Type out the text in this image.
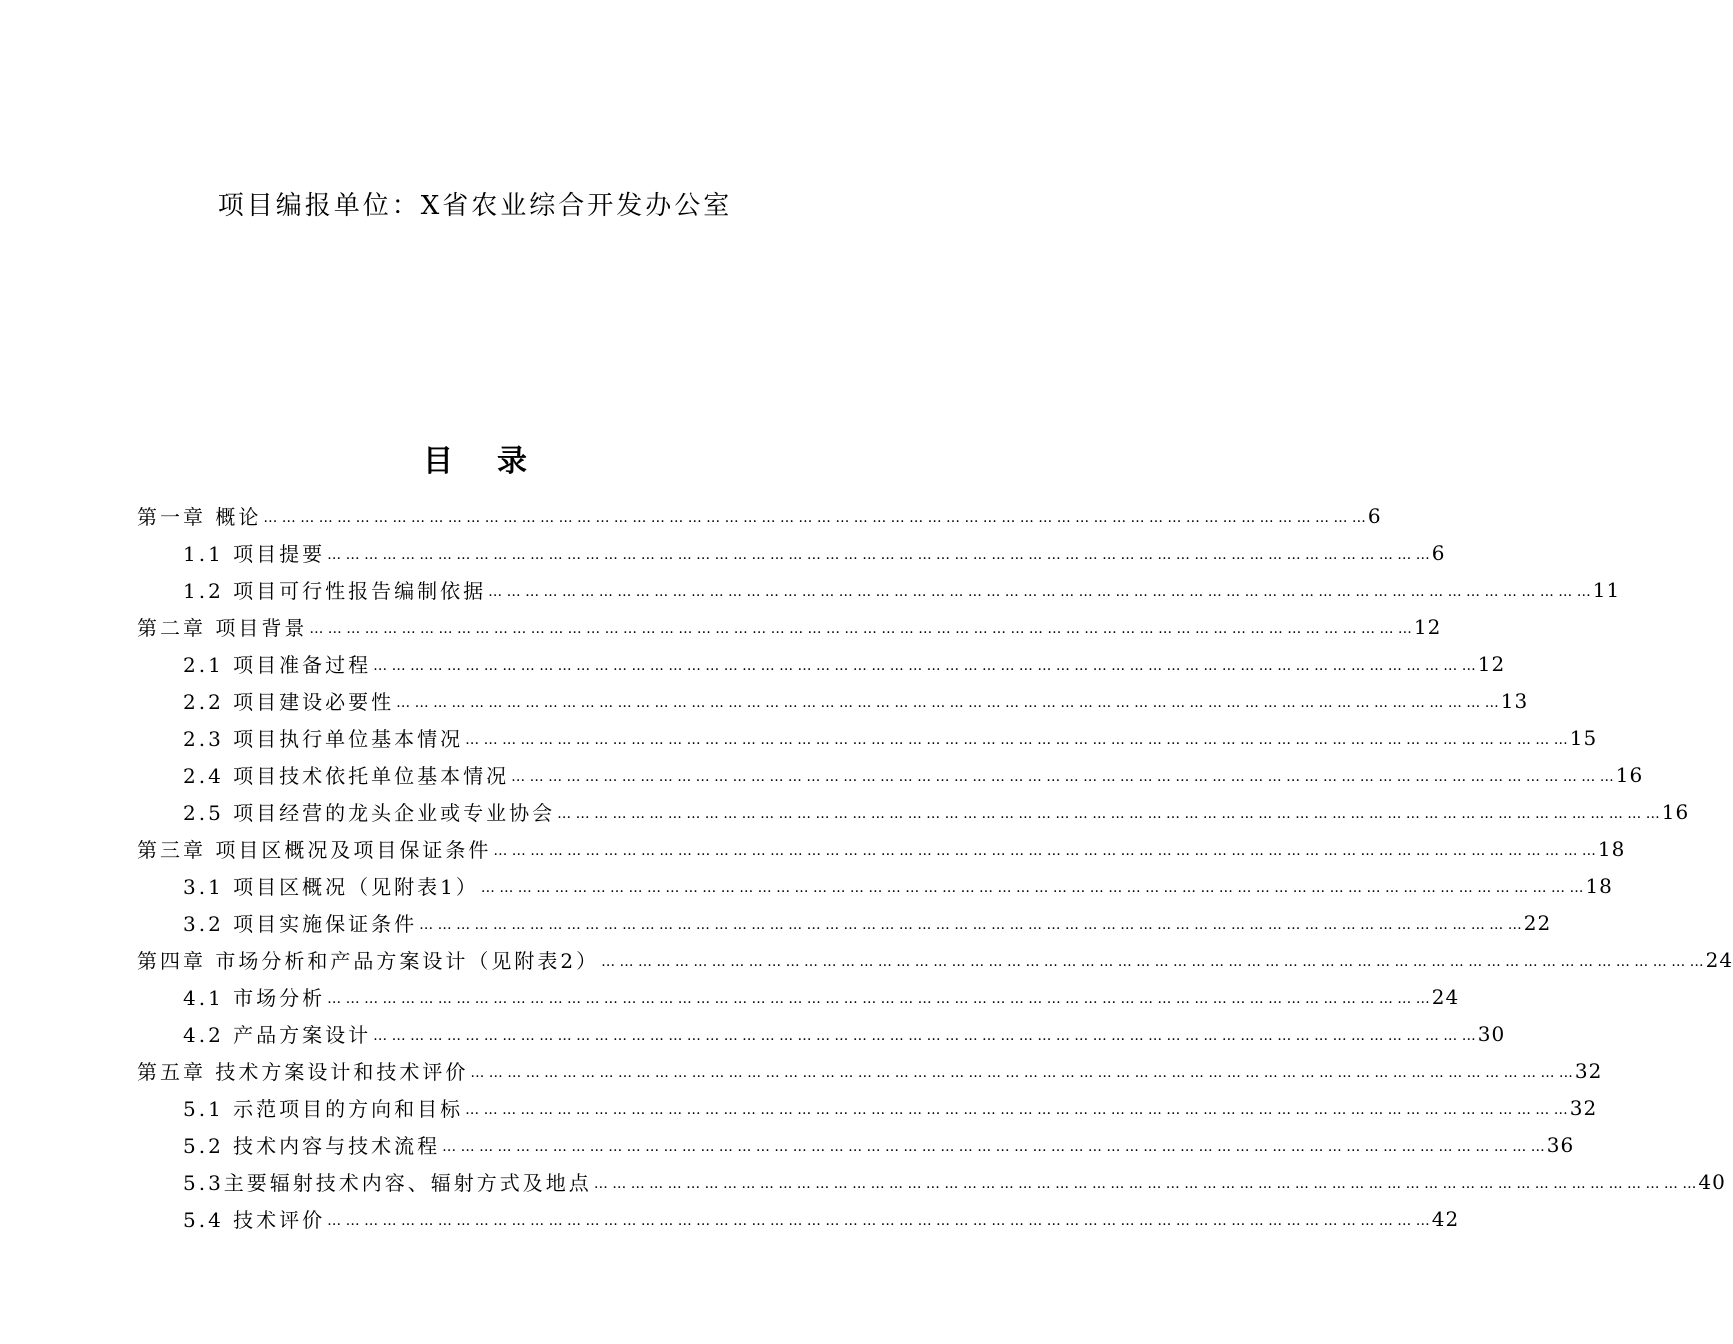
项目编报单位：X省农业综合开发办公室
目 录
第一章 概论 … … … … … … … … … … … … … … … … … … … … … … … … … … … … … … … … … … … … … … … … … … … … … … … … … … … … … … … … … … … … 6
1.1 项目提要 … … … … … … … … … … … … … … … … … … … … … … … … … … … … … … … … … … … … … … … … … … … … … … … … … … … … … … … … … … … … 6
1.2 项目可行性报告编制依据 … … … … … … … … … … … … … … … … … … … … … … … … … … … … … … … … … … … … … … … … … … … … … … … … … … … … … … … … … … … … 11
第二章 项目背景 … … … … … … … … … … … … … … … … … … … … … … … … … … … … … … … … … … … … … … … … … … … … … … … … … … … … … … … … … … … … 12
2.1 项目准备过程 … … … … … … … … … … … … … … … … … … … … … … … … … … … … … … … … … … … … … … … … … … … … … … … … … … … … … … … … … … … … 12
2.2 项目建设必要性 … … … … … … … … … … … … … … … … … … … … … … … … … … … … … … … … … … … … … … … … … … … … … … … … … … … … … … … … … … … … 13
2.3 项目执行单位基本情况 … … … … … … … … … … … … … … … … … … … … … … … … … … … … … … … … … … … … … … … … … … … … … … … … … … … … … … … … … … … … 15
2.4 项目技术依托单位基本情况 … … … … … … … … … … … … … … … … … … … … … … … … … … … … … … … … … … … … … … … … … … … … … … … … … … … … … … … … … … … … 16
2.5 项目经营的龙头企业或专业协会 … … … … … … … … … … … … … … … … … … … … … … … … … … … … … … … … … … … … … … … … … … … … … … … … … … … … … … … … … … … … 16
第三章 项目区概况及项目保证条件 … … … … … … … … … … … … … … … … … … … … … … … … … … … … … … … … … … … … … … … … … … … … … … … … … … … … … … … … … … … … 18
3.1 项目区概况（见附表1） … … … … … … … … … … … … … … … … … … … … … … … … … … … … … … … … … … … … … … … … … … … … … … … … … … … … … … … … … … … … 18
3.2 项目实施保证条件 … … … … … … … … … … … … … … … … … … … … … … … … … … … … … … … … … … … … … … … … … … … … … … … … … … … … … … … … … … … … 22
第四章 市场分析和产品方案设计（见附表2） … … … … … … … … … … … … … … … … … … … … … … … … … … … … … … … … … … … … … … … … … … … … … … … … … … … … … … … … … … … … 24
4.1 市场分析 … … … … … … … … … … … … … … … … … … … … … … … … … … … … … … … … … … … … … … … … … … … … … … … … … … … … … … … … … … … … 24
4.2 产品方案设计 … … … … … … … … … … … … … … … … … … … … … … … … … … … … … … … … … … … … … … … … … … … … … … … … … … … … … … … … … … … … 30
第五章 技术方案设计和技术评价 … … … … … … … … … … … … … … … … … … … … … … … … … … … … … … … … … … … … … … … … … … … … … … … … … … … … … … … … … … … … 32
5.1 示范项目的方向和目标 … … … … … … … … … … … … … … … … … … … … … … … … … … … … … … … … … … … … … … … … … … … … … … … … … … … … … … … … … … … … 32
5.2 技术内容与技术流程 … … … … … … … … … … … … … … … … … … … … … … … … … … … … … … … … … … … … … … … … … … … … … … … … … … … … … … … … … … … … 36
5.3主要辐射技术内容、辐射方式及地点 … … … … … … … … … … … … … … … … … … … … … … … … … … … … … … … … … … … … … … … … … … … … … … … … … … … … … … … … … … … … 40
5.4 技术评价 … … … … … … … … … … … … … … … … … … … … … … … … … … … … … … … … … … … … … … … … … … … … … … … … … … … … … … … … … … … … 42
